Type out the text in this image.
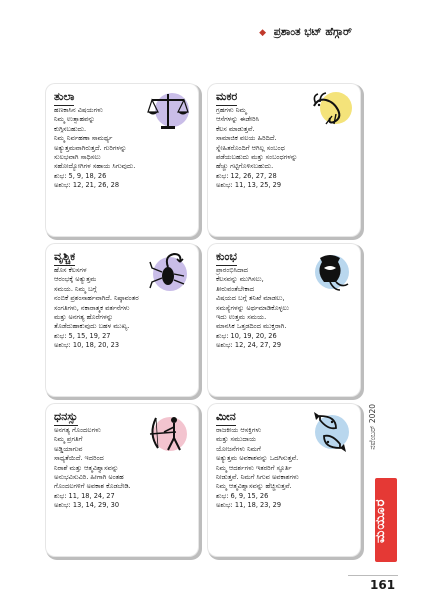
◆ ಪ್ರಶಾಂತ ಭಟ್ ಹೆಗ್ಗಾರ್
ತುಲಾ
ಹಣಕಾಸಿನ ವಿಷಯಗಳು
ನಿಮ್ಮ ಉತ್ಸಾಹವನ್ನು
ಕುಗ್ಗಿಸಬಹುದು.
ನಿಮ್ಮ ನಿರ್ವಹಣಾ ಸಾಮರ್ಥ್ಯ
ಅತ್ಯುತ್ತಮವಾಗಿರುತ್ತದೆ. ಗುರಿಗಳನ್ನು
ಸುಲಭವಾಗಿ ಸಾಧಿಸಲು
ಸಹೋದ್ಯೋಗಿಗಳ ಸಹಾಯ ಸಿಗುವುದು.
ಶುಭ: 5, 9, 18, 26
ಅಶುಭ: 12, 21, 26, 28
ಮಕರ
ಗ್ರಹಗಳು ನಿಮ್ಮ
ಆಸೆಗಳನ್ನು ಈಡೇರಿಸಿ
ಕೆಲಸ ಮಾಡುತ್ತವೆ.
ಸಾಮಾಜಿಕ ವಲಯ ಹಿರಿದಿದೆ.
ಸ್ನೇಹಿತರೊಂದಿಗೆ ಆಗಿಲ್ಲ ಸಂಬಂಧ
ಪಡೆಯಬಹುದು ಮತ್ತು ಸಂಬಂಧಗಳನ್ನು
ಹೆಚ್ಚು ಗಟ್ಟಿಗೊಳಿಸಬಹುದು.
ಶುಭ: 12, 26, 27, 28
ಅಶುಭ: 11, 13, 25, 29
ವೃಶ್ಚಿಕ
ಹೊಸ ಕೆಲಸಗಳ
ಆರಂಭಕ್ಕೆ ಅತ್ಯುತ್ತಮ
ಸಮಯ. ನಿಮ್ಮ ಬಗ್ಗೆ
ನಂಬಿಕೆ ಪ್ರಶಂಸಾರ್ಹವಾಗಿದೆ. ನಿಷ್ಠಾವಂತರ
ಸಂಗತಿಗಳು, ನಕಾರಾತ್ಮಕ ವರ್ತನೆಗಳು
ಮತ್ತು ಅನಗತ್ಯ ಹೊರೆಗಳನ್ನು
ತೊಡೆದುಹಾಕುವುದು ಬಹಳ ಮುಖ್ಯ.
ಶುಭ: 5, 15, 19, 27
ಅಶುಭ: 10, 18, 20, 23
ಕುಂಭ
ಪ್ರಾರಂಭಿಸಿದಾದ
ಕೆಲಸವನ್ನು ಮುಗಿಸಲು,
ತೀರುವಂತೆಬೇಕಾದ
ವಿಷಯದ ಬಗ್ಗೆ ತನಿಖೆ ಮಾಡಲು,
ಸಮಸ್ಯೆಗಳನ್ನು ಅರ್ಥಮಾಡಿಕೊಳ್ಳಲು
ಇದು ಉತ್ತಮ ಸಮಯ.
ಮಾನಸಿಕ ಒತ್ತಡದಿಂದ ಮುಕ್ತರಾಗಿ.
ಶುಭ: 10, 19, 20, 26
ಅಶುಭ: 12, 24, 27, 29
ಧನಸ್ಸು
ಅನಗತ್ಯ ಗೊಂದಲಗಳು
ನಿಮ್ಮ ಪ್ರಗತಿಗೆ
ಅಡ್ಡಿಯಾಗುವ
ಸಾಧ್ಯತೆಯಿದೆ. ಇದರಿಂದ
ನಿರಾಶೆ ಮತ್ತು ಆತ್ಮವಿಶ್ವಾಸವನ್ನು
ಅನುಭವಿಸುವಿರಿ. ಹೀಗಾಗಿ ಅಂತಹ
ಗೊಂದಲಗಳಿಗೆ ಅವಕಾಶ ಕೊಡಬೇಡಿ.
ಶುಭ: 11, 18, 24, 27
ಅಶುಭ: 13, 14, 29, 30
ಮೀನ
ರಾಜಕೀಯ ಆಸಕ್ತಿಗಳು
ಮತ್ತು ಸಮುದಾಯ
ಯೋಜನೆಗಳು ನಿಮಗೆ
ಅತ್ಯುತ್ತಮ ಅವಕಾಶವನ್ನು ಒದಗಿಸುತ್ತವೆ.
ನಿಮ್ಮ ಆದರ್ಶಗಳು ಇತರರಿಗೆ ಸ್ಫೂರ್ತಿ
ನೀಡುತ್ತವೆ. ನಿಮಗೆ ಸಿಗುವ ಅವಕಾಶಗಳು
ನಿಮ್ಮ ಆತ್ಮವಿಶ್ವಾಸವನ್ನು ಹೆಚ್ಚಿಸುತ್ತವೆ.
ಶುಭ: 6, 9, 15, 26
ಅಶುಭ: 11, 18, 23, 29
ನವೆಂಬರ್ 2020
ಮಯೂರ
161
